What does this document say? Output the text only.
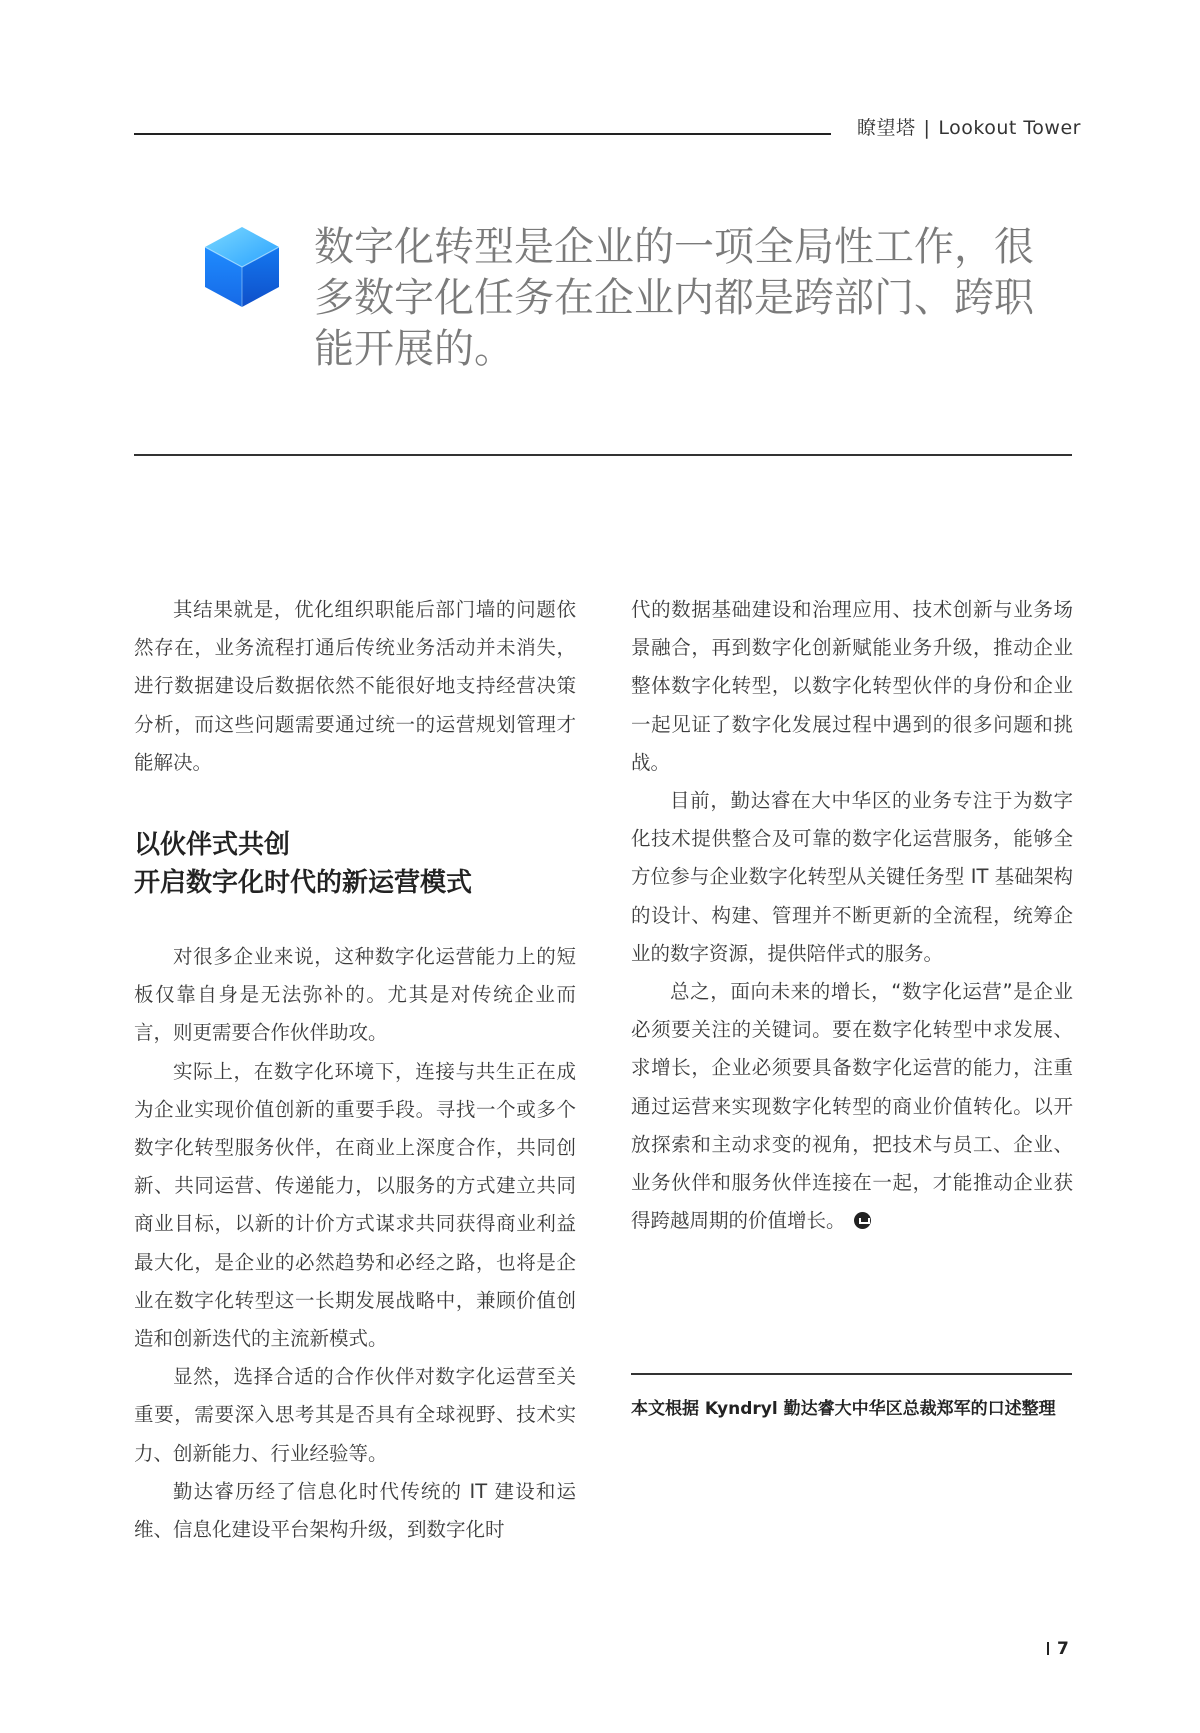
瞭望塔 | Lookout Tower
数字化转型是企业的一项全局性工作，很多数字化任务在企业内都是跨部门、跨职能开展的。

其结果就是，优化组织职能后部门墙的问题依然存在，业务流程打通后传统业务活动并未消失，进行数据建设后数据依然不能很好地支持经营决策分析，而这些问题需要通过统一的运营规划管理才能解决。

以伙伴式共创
开启数字化时代的新运营模式

对很多企业来说，这种数字化运营能力上的短板仅靠自身是无法弥补的。尤其是对传统企业而言，则更需要合作伙伴助攻。

实际上，在数字化环境下，连接与共生正在成为企业实现价值创新的重要手段。寻找一个或多个数字化转型服务伙伴，在商业上深度合作，共同创新、共同运营、传递能力，以服务的方式建立共同商业目标，以新的计价方式谋求共同获得商业利益最大化，是企业的必然趋势和必经之路，也将是企业在数字化转型这一长期发展战略中，兼顾价值创造和创新迭代的主流新模式。

显然，选择合适的合作伙伴对数字化运营至关重要，需要深入思考其是否具有全球视野、技术实力、创新能力、行业经验等。

勤达睿历经了信息化时代传统的 IT 建设和运维、信息化建设平台架构升级，到数字化时

代的数据基础建设和治理应用、技术创新与业务场景融合，再到数字化创新赋能业务升级，推动企业整体数字化转型，以数字化转型伙伴的身份和企业一起见证了数字化发展过程中遇到的很多问题和挑战。

目前，勤达睿在大中华区的业务专注于为数字化技术提供整合及可靠的数字化运营服务，能够全方位参与企业数字化转型从关键任务型 IT 基础架构的设计、构建、管理并不断更新的全流程，统筹企业的数字资源，提供陪伴式的服务。

总之，面向未来的增长，“数字化运营”是企业必须要关注的关键词。要在数字化转型中求发展、求增长，企业必须要具备数字化运营的能力，注重通过运营来实现数字化转型的商业价值转化。以开放探索和主动求变的视角，把技术与员工、企业、业务伙伴和服务伙伴连接在一起，才能推动企业获得跨越周期的价值增长。

本文根据 Kyndryl 勤达睿大中华区总裁郑军的口述整理

7
